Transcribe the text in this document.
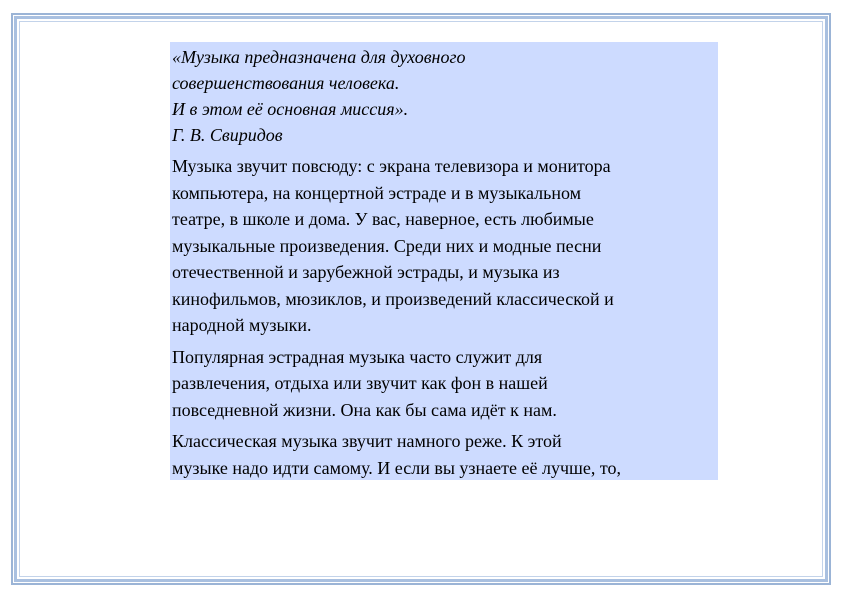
«Музыка предназначена для духовного
совершенствования человека.
И в этом её основная миссия».
Г. В. Свиридов
Музыка звучит повсюду: с экрана телевизора и монитора
компьютера, на концертной эстраде и в музыкальном
театре, в школе и дома. У вас, наверное, есть любимые
музыкальные произведения. Среди них и модные песни
отечественной и зарубежной эстрады, и музыка из
кинофильмов, мюзиклов, и произведений классической и
народной музыки.
Популярная эстрадная музыка часто служит для
развлечения, отдыха или звучит как фон в нашей
повседневной жизни. Она как бы сама идёт к нам.
Классическая музыка звучит намного реже. К этой
музыке надо идти самому. И если вы узнаете её лучше, то,
